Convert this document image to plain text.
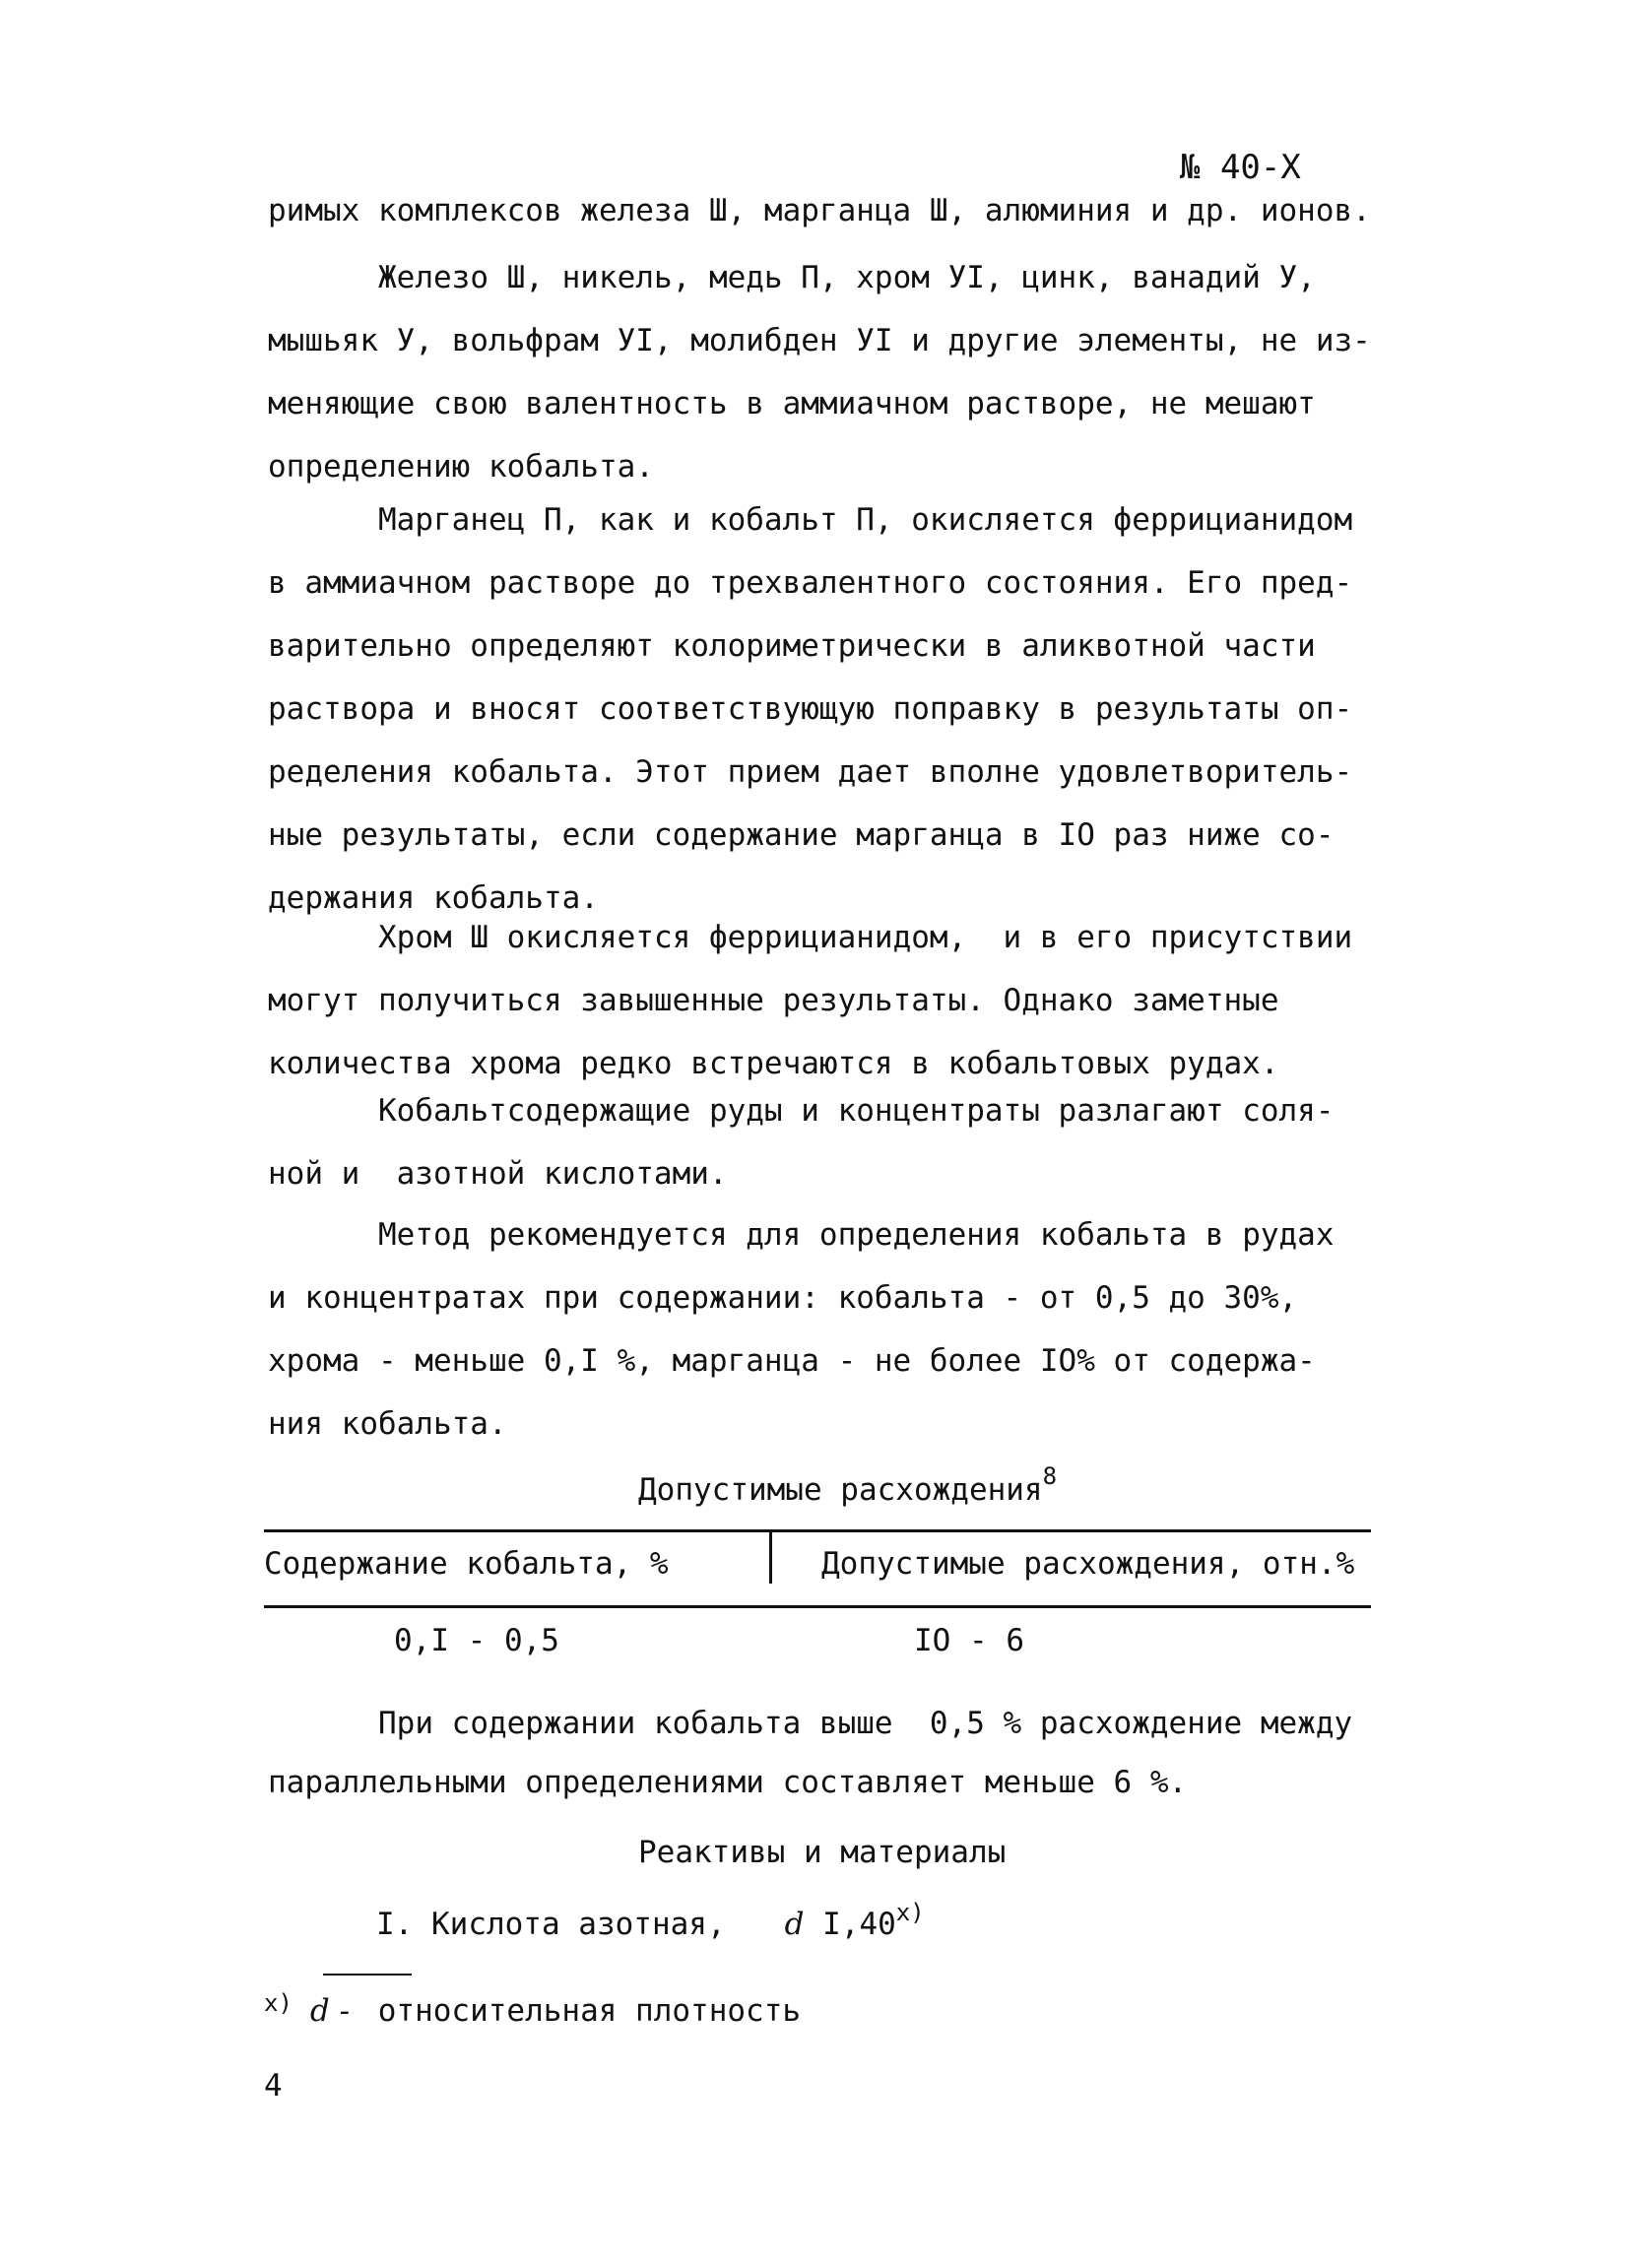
№ 40-Х
римых комплексов железа Ш, марганца Ш, алюминия и др. ионов.
Железо Ш, никель, медь П, хром УI, цинк, ванадий У,
мышьяк У, вольфрам УI, молибден УI и другие элементы, не из-
меняющие свою валентность в аммиачном растворе, не мешают
определению кобальта.
Марганец П, как и кобальт П, окисляется феррицианидом
в аммиачном растворе до трехвалентного состояния. Его пред-
варительно определяют колориметрически в аликвотной части
раствора и вносят соответствующую поправку в результаты оп-
ределения кобальта. Этот прием дает вполне удовлетворитель-
ные результаты, если содержание марганца в IO раз ниже со-
держания кобальта.
Хром Ш окисляется феррицианидом,  и в его присутствии
могут получиться завышенные результаты. Однако заметные
количества хрома редко встречаются в кобальтовых рудах.
Кобальтсодержащие руды и концентраты разлагают соля-
ной и  азотной кислотами.
Метод рекомендуется для определения кобальта в рудах
и концентратах при содержании: кобальта - от 0,5 до 30%,
хрома - меньше 0,I %, марганца - не более IO% от содержа-
ния кобальта.
Допустимые расхождения$^8$
Содержание кобальта, %	Допустимые расхождения, отн.%
0,I - 0,5	IO - 6
При содержании кобальта выше  0,5 % расхождение между
параллельными определениями составляет меньше 6 %.
Реактивы и материалы
I. Кислота азотная, d I,40$^{x)}$
$^{x)}$ d - относительная плотность
4
